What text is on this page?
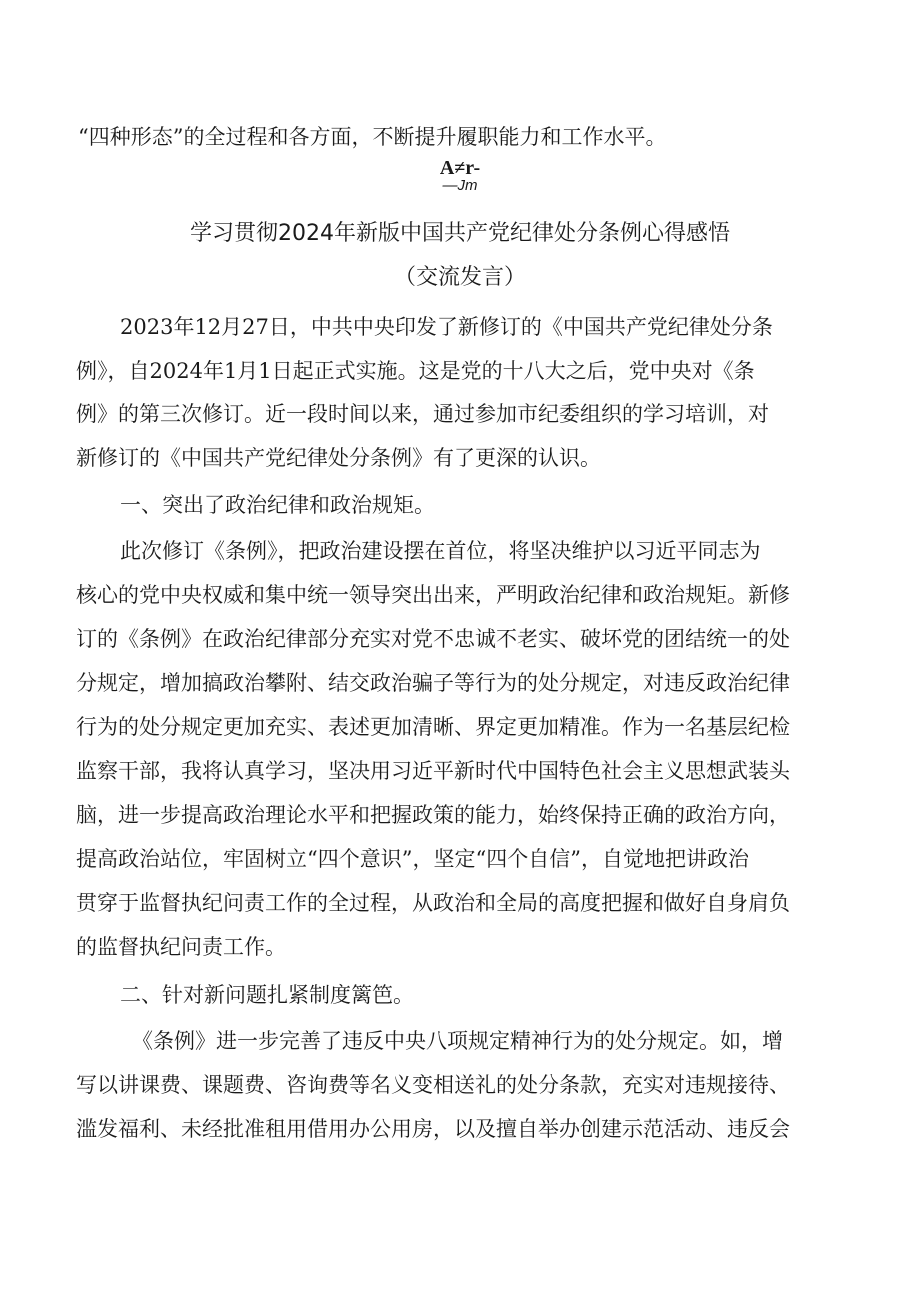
“四种形态”的全过程和各方面，不断提升履职能力和工作水平。
A≠r-
—Jm
学习贯彻2024年新版中国共产党纪律处分条例心得感悟
（交流发言）
2023年12月27日，中共中央印发了新修订的《中国共产党纪律处分条
例》，自2024年1月1日起正式实施。这是党的十八大之后，党中央对《条
例》的第三次修订。近一段时间以来，通过参加市纪委组织的学习培训，对
新修订的《中国共产党纪律处分条例》有了更深的认识。
一、突出了政治纪律和政治规矩。
此次修订《条例》，把政治建设摆在首位，将坚决维护以习近平同志为
核心的党中央权威和集中统一领导突出出来，严明政治纪律和政治规矩。新修
订的《条例》在政治纪律部分充实对党不忠诚不老实、破坏党的团结统一的处
分规定，增加搞政治攀附、结交政治骗子等行为的处分规定，对违反政治纪律
行为的处分规定更加充实、表述更加清晰、界定更加精准。作为一名基层纪检
监察干部，我将认真学习，坚决用习近平新时代中国特色社会主义思想武装头
脑，进一步提高政治理论水平和把握政策的能力，始终保持正确的政治方向，
提高政治站位，牢固树立“四个意识”，坚定“四个自信”，自觉地把讲政治
贯穿于监督执纪问责工作的全过程，从政治和全局的高度把握和做好自身肩负
的监督执纪问责工作。
二、针对新问题扎紧制度篱笆。
《条例》进一步完善了违反中央八项规定精神行为的处分规定。如，增
写以讲课费、课题费、咨询费等名义变相送礼的处分条款，充实对违规接待、
滥发福利、未经批准租用借用办公用房，以及擅自举办创建示范活动、违反会
